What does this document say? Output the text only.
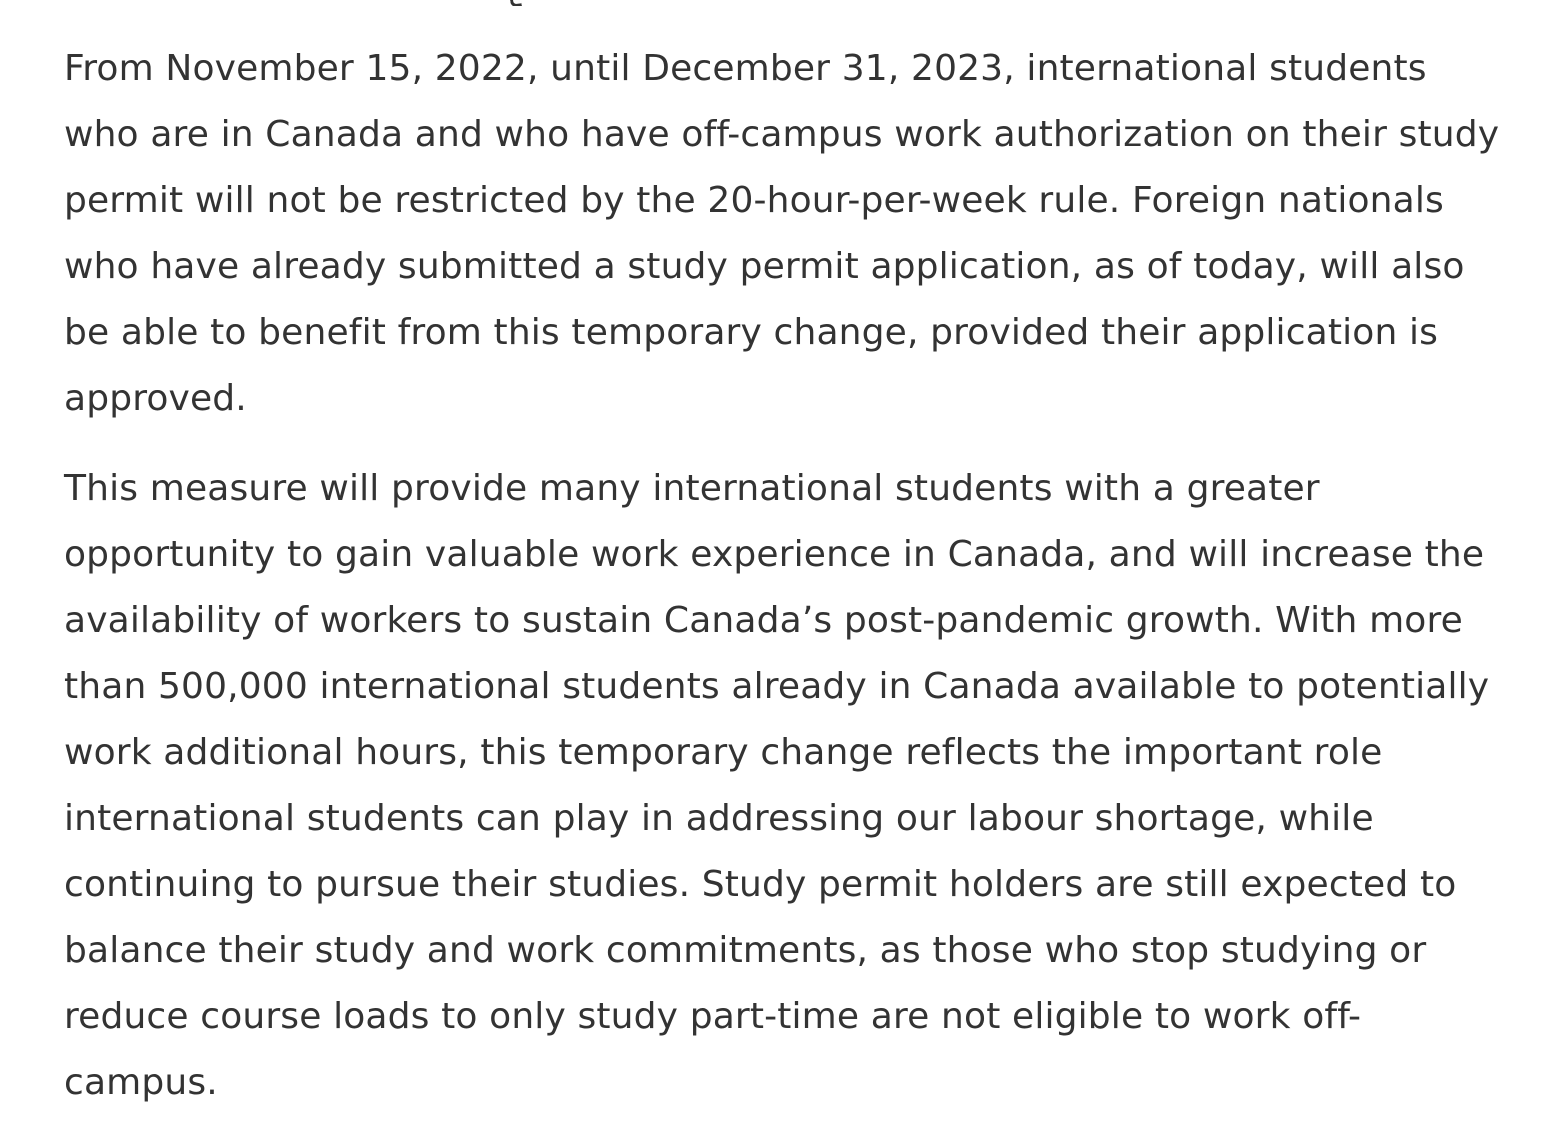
From November 15, 2022, until December 31, 2023, international students who are in Canada and who have off-campus work authorization on their study permit will not be restricted by the 20-hour-per-week rule. Foreign nationals who have already submitted a study permit application, as of today, will also be able to benefit from this temporary change, provided their application is approved.

This measure will provide many international students with a greater opportunity to gain valuable work experience in Canada, and will increase the availability of workers to sustain Canada’s post-pandemic growth. With more than 500,000 international students already in Canada available to potentially work additional hours, this temporary change reflects the important role international students can play in addressing our labour shortage, while continuing to pursue their studies. Study permit holders are still expected to balance their study and work commitments, as those who stop studying or reduce course loads to only study part-time are not eligible to work off-campus.
